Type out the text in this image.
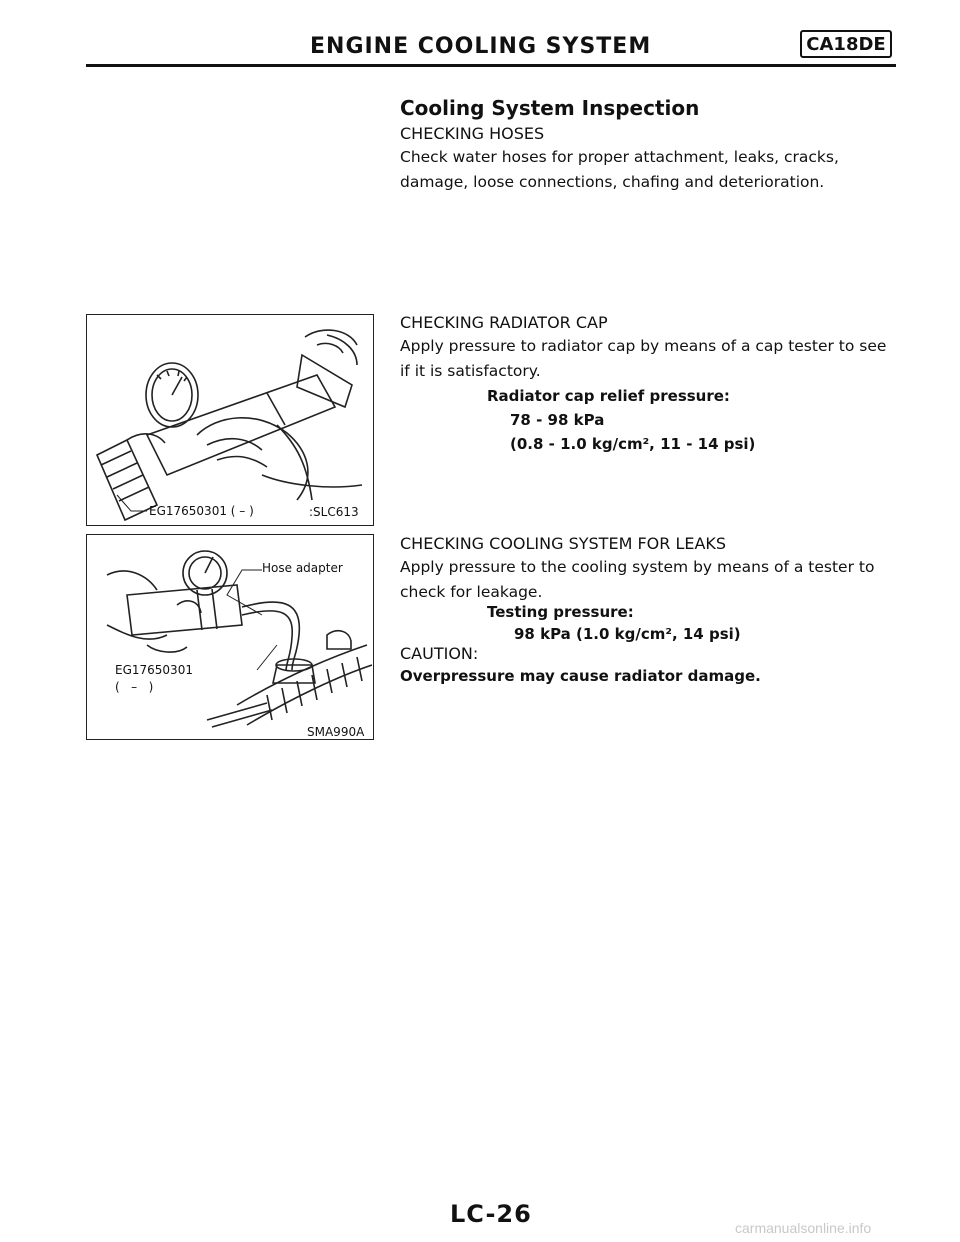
ENGINE COOLING SYSTEM	CA18DE
Cooling System Inspection
CHECKING HOSES
Check water hoses for proper attachment, leaks, cracks, damage, loose connections, chafing and deterioration.
EG17650301 ( – )	:SLC613
CHECKING RADIATOR CAP
Apply pressure to radiator cap by means of a cap tester to see if it is satisfactory.
Radiator cap relief pressure:
78 - 98 kPa
(0.8 - 1.0 kg/cm², 11 - 14 psi)
Hose adapter
EG17650301
(   –   )
SMA990A
CHECKING COOLING SYSTEM FOR LEAKS
Apply pressure to the cooling system by means of a tester to check for leakage.
Testing pressure:
98 kPa (1.0 kg/cm², 14 psi)
CAUTION:
Overpressure may cause radiator damage.
LC-26	carmanualsonline.info
